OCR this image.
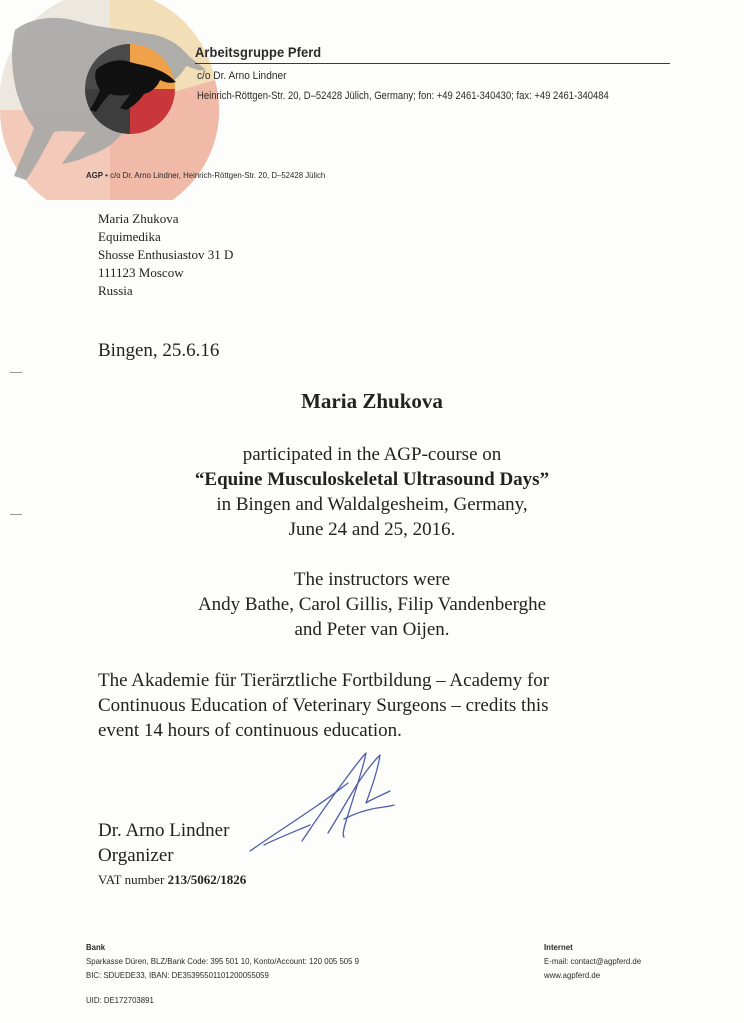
Arbeitsgruppe Pferd
c/o Dr. Arno Lindner
Heinrich-Röttgen-Str. 20, D–52428 Jülich, Germany; fon: +49 2461-340430; fax: +49 2461-340484
AGP • c/o Dr. Arno Lindner, Heinrich-Röttgen-Str. 20, D–52428 Jülich
Maria Zhukova
Equimedika
Shosse Enthusiastov 31 D
111123 Moscow
Russia
Bingen, 25.6.16
Maria Zhukova
participated in the AGP-course on
“Equine Musculoskeletal Ultrasound Days”
in Bingen and Waldalgesheim, Germany,
June 24 and 25, 2016.
The instructors were
Andy Bathe, Carol Gillis, Filip Vandenberghe
and Peter van Oijen.
The Akademie für Tierärztliche Fortbildung – Academy for
Continuous Education of Veterinary Surgeons – credits this
event 14 hours of continuous education.
Dr. Arno Lindner
Organizer
VAT number 213/5062/1826
Bank
Sparkasse Düren, BLZ/Bank Code: 395 501 10, Konto/Account: 120 005 505 9
BIC: SDUEDE33, IBAN: DE35395501101200055059
UID: DE172703891
Internet
E-mail: contact@agpferd.de
www.agpferd.de
